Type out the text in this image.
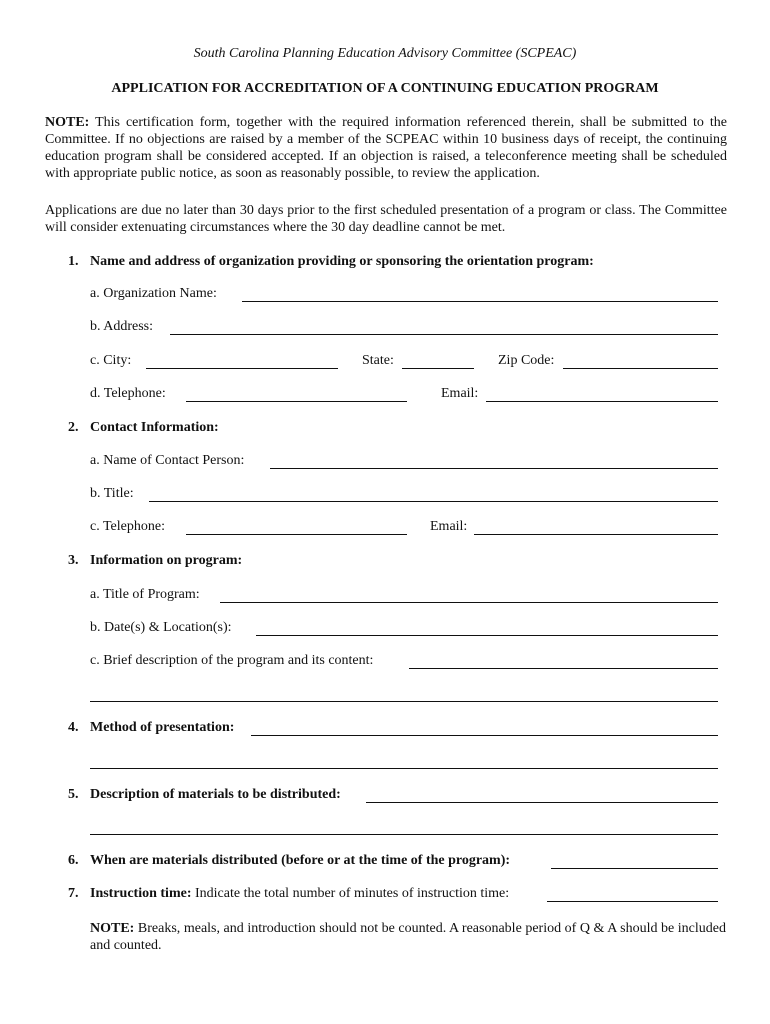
South Carolina Planning Education Advisory Committee (SCPEAC)
APPLICATION FOR ACCREDITATION OF A CONTINUING EDUCATION PROGRAM
NOTE: This certification form, together with the required information referenced therein, shall be submitted to the Committee. If no objections are raised by a member of the SCPEAC within 10 business days of receipt, the continuing education program shall be considered accepted. If an objection is raised, a teleconference meeting shall be scheduled with appropriate public notice, as soon as reasonably possible, to review the application.
Applications are due no later than 30 days prior to the first scheduled presentation of a program or class. The Committee will consider extenuating circumstances where the 30 day deadline cannot be met.
1. Name and address of organization providing or sponsoring the orientation program:
a. Organization Name:
b. Address:
c. City:	State:	Zip Code:
d. Telephone:	Email:
2. Contact Information:
a. Name of Contact Person:
b. Title:
c. Telephone:	Email:
3. Information on program:
a. Title of Program:
b. Date(s) & Location(s):
c. Brief description of the program and its content:
4. Method of presentation:
5. Description of materials to be distributed:
6. When are materials distributed (before or at the time of the program):
7. Instruction time: Indicate the total number of minutes of instruction time:
NOTE: Breaks, meals, and introduction should not be counted. A reasonable period of Q & A should be included and counted.
